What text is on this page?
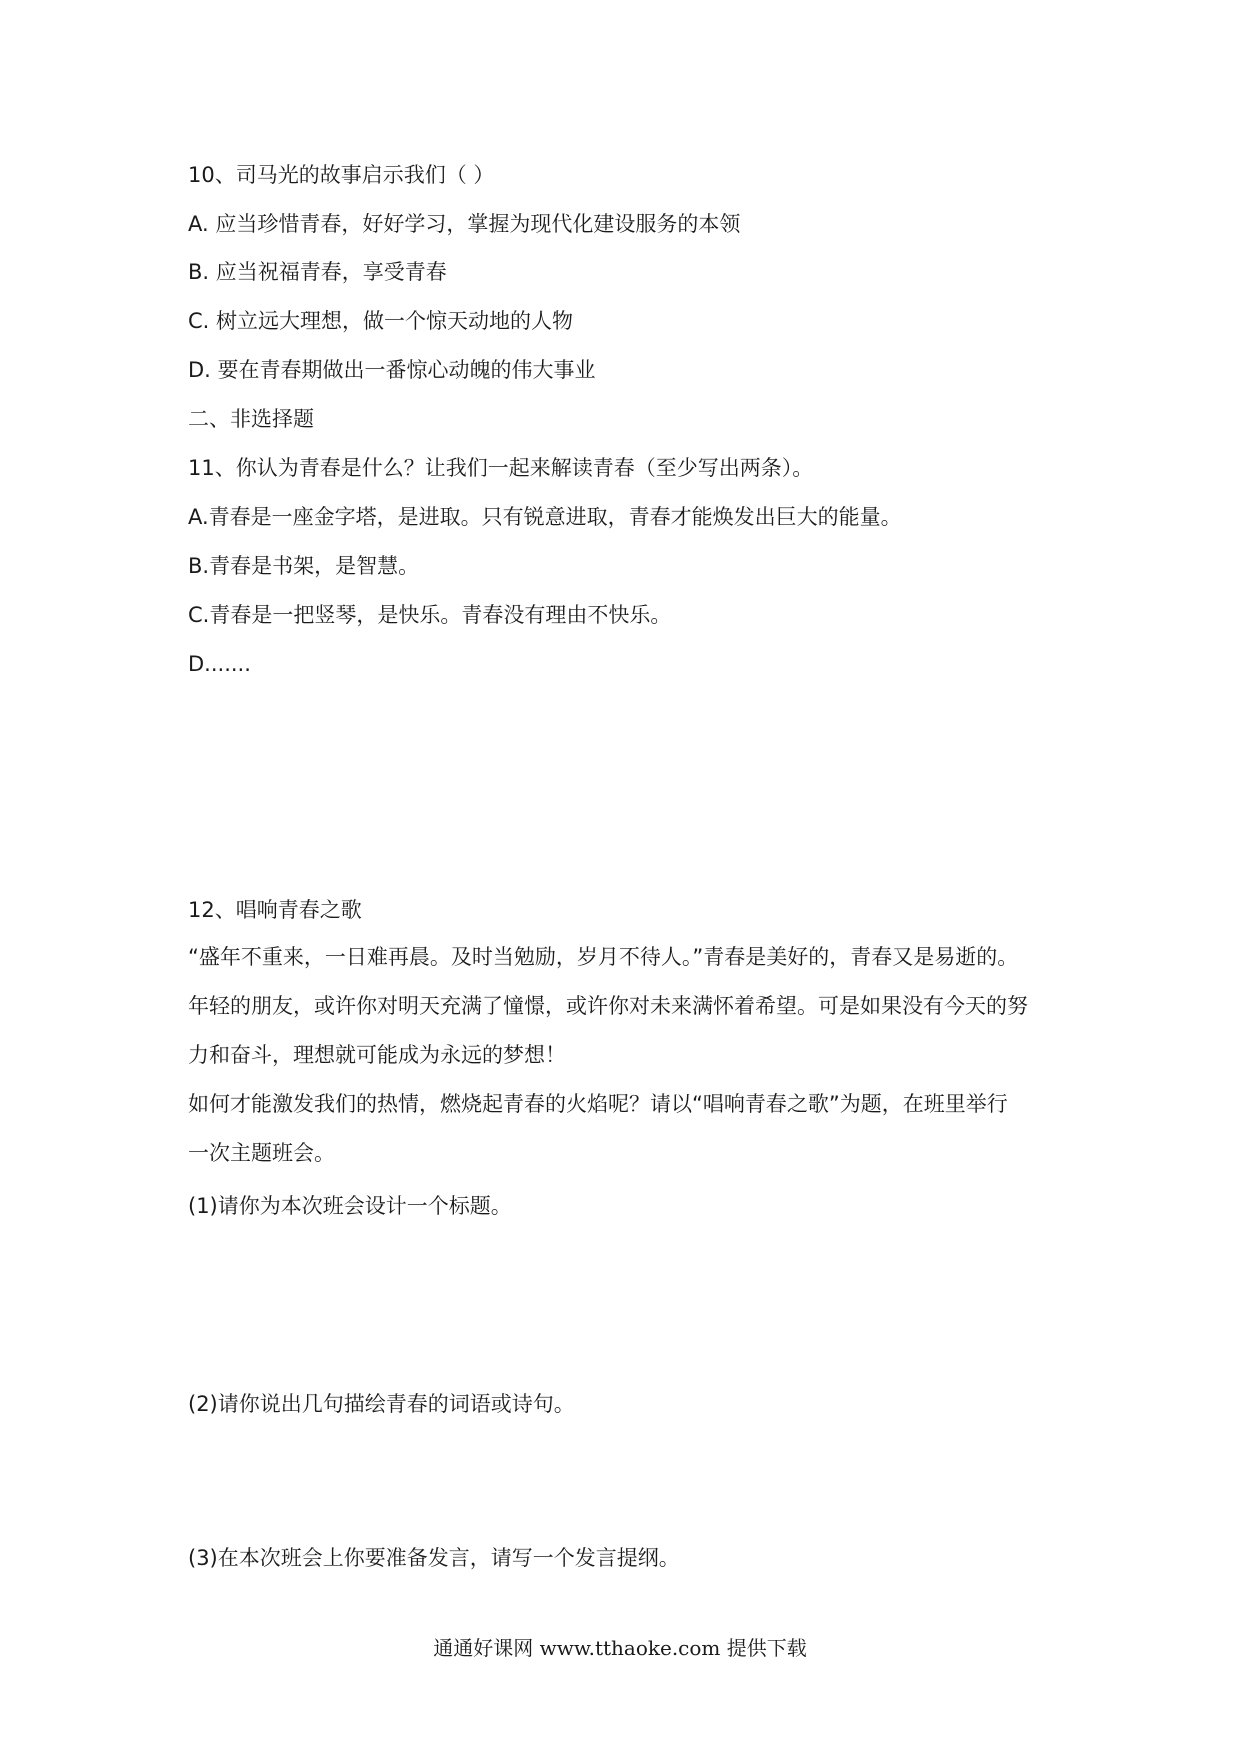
10、司马光的故事启示我们（ ）
A. 应当珍惜青春，好好学习，掌握为现代化建设服务的本领
B. 应当祝福青春，享受青春
C. 树立远大理想，做一个惊天动地的人物
D. 要在青春期做出一番惊心动魄的伟大事业
二、非选择题
11、你认为青春是什么？让我们一起来解读青春（至少写出两条）。
A.青春是一座金字塔，是进取。只有锐意进取，青春才能焕发出巨大的能量。
B.青春是书架，是智慧。
C.青春是一把竖琴，是快乐。青春没有理由不快乐。
D.......
12、唱响青春之歌
“盛年不重来，一日难再晨。及时当勉励，岁月不待人。”青春是美好的，青春又是易逝的。
年轻的朋友，或许你对明天充满了憧憬，或许你对未来满怀着希望。可是如果没有今天的努
力和奋斗，理想就可能成为永远的梦想！
如何才能激发我们的热情，燃烧起青春的火焰呢？请以“唱响青春之歌”为题，在班里举行
一次主题班会。
(1)请你为本次班会设计一个标题。
(2)请你说出几句描绘青春的词语或诗句。
(3)在本次班会上你要准备发言，请写一个发言提纲。
通通好课网 www.tthaoke.com 提供下载
